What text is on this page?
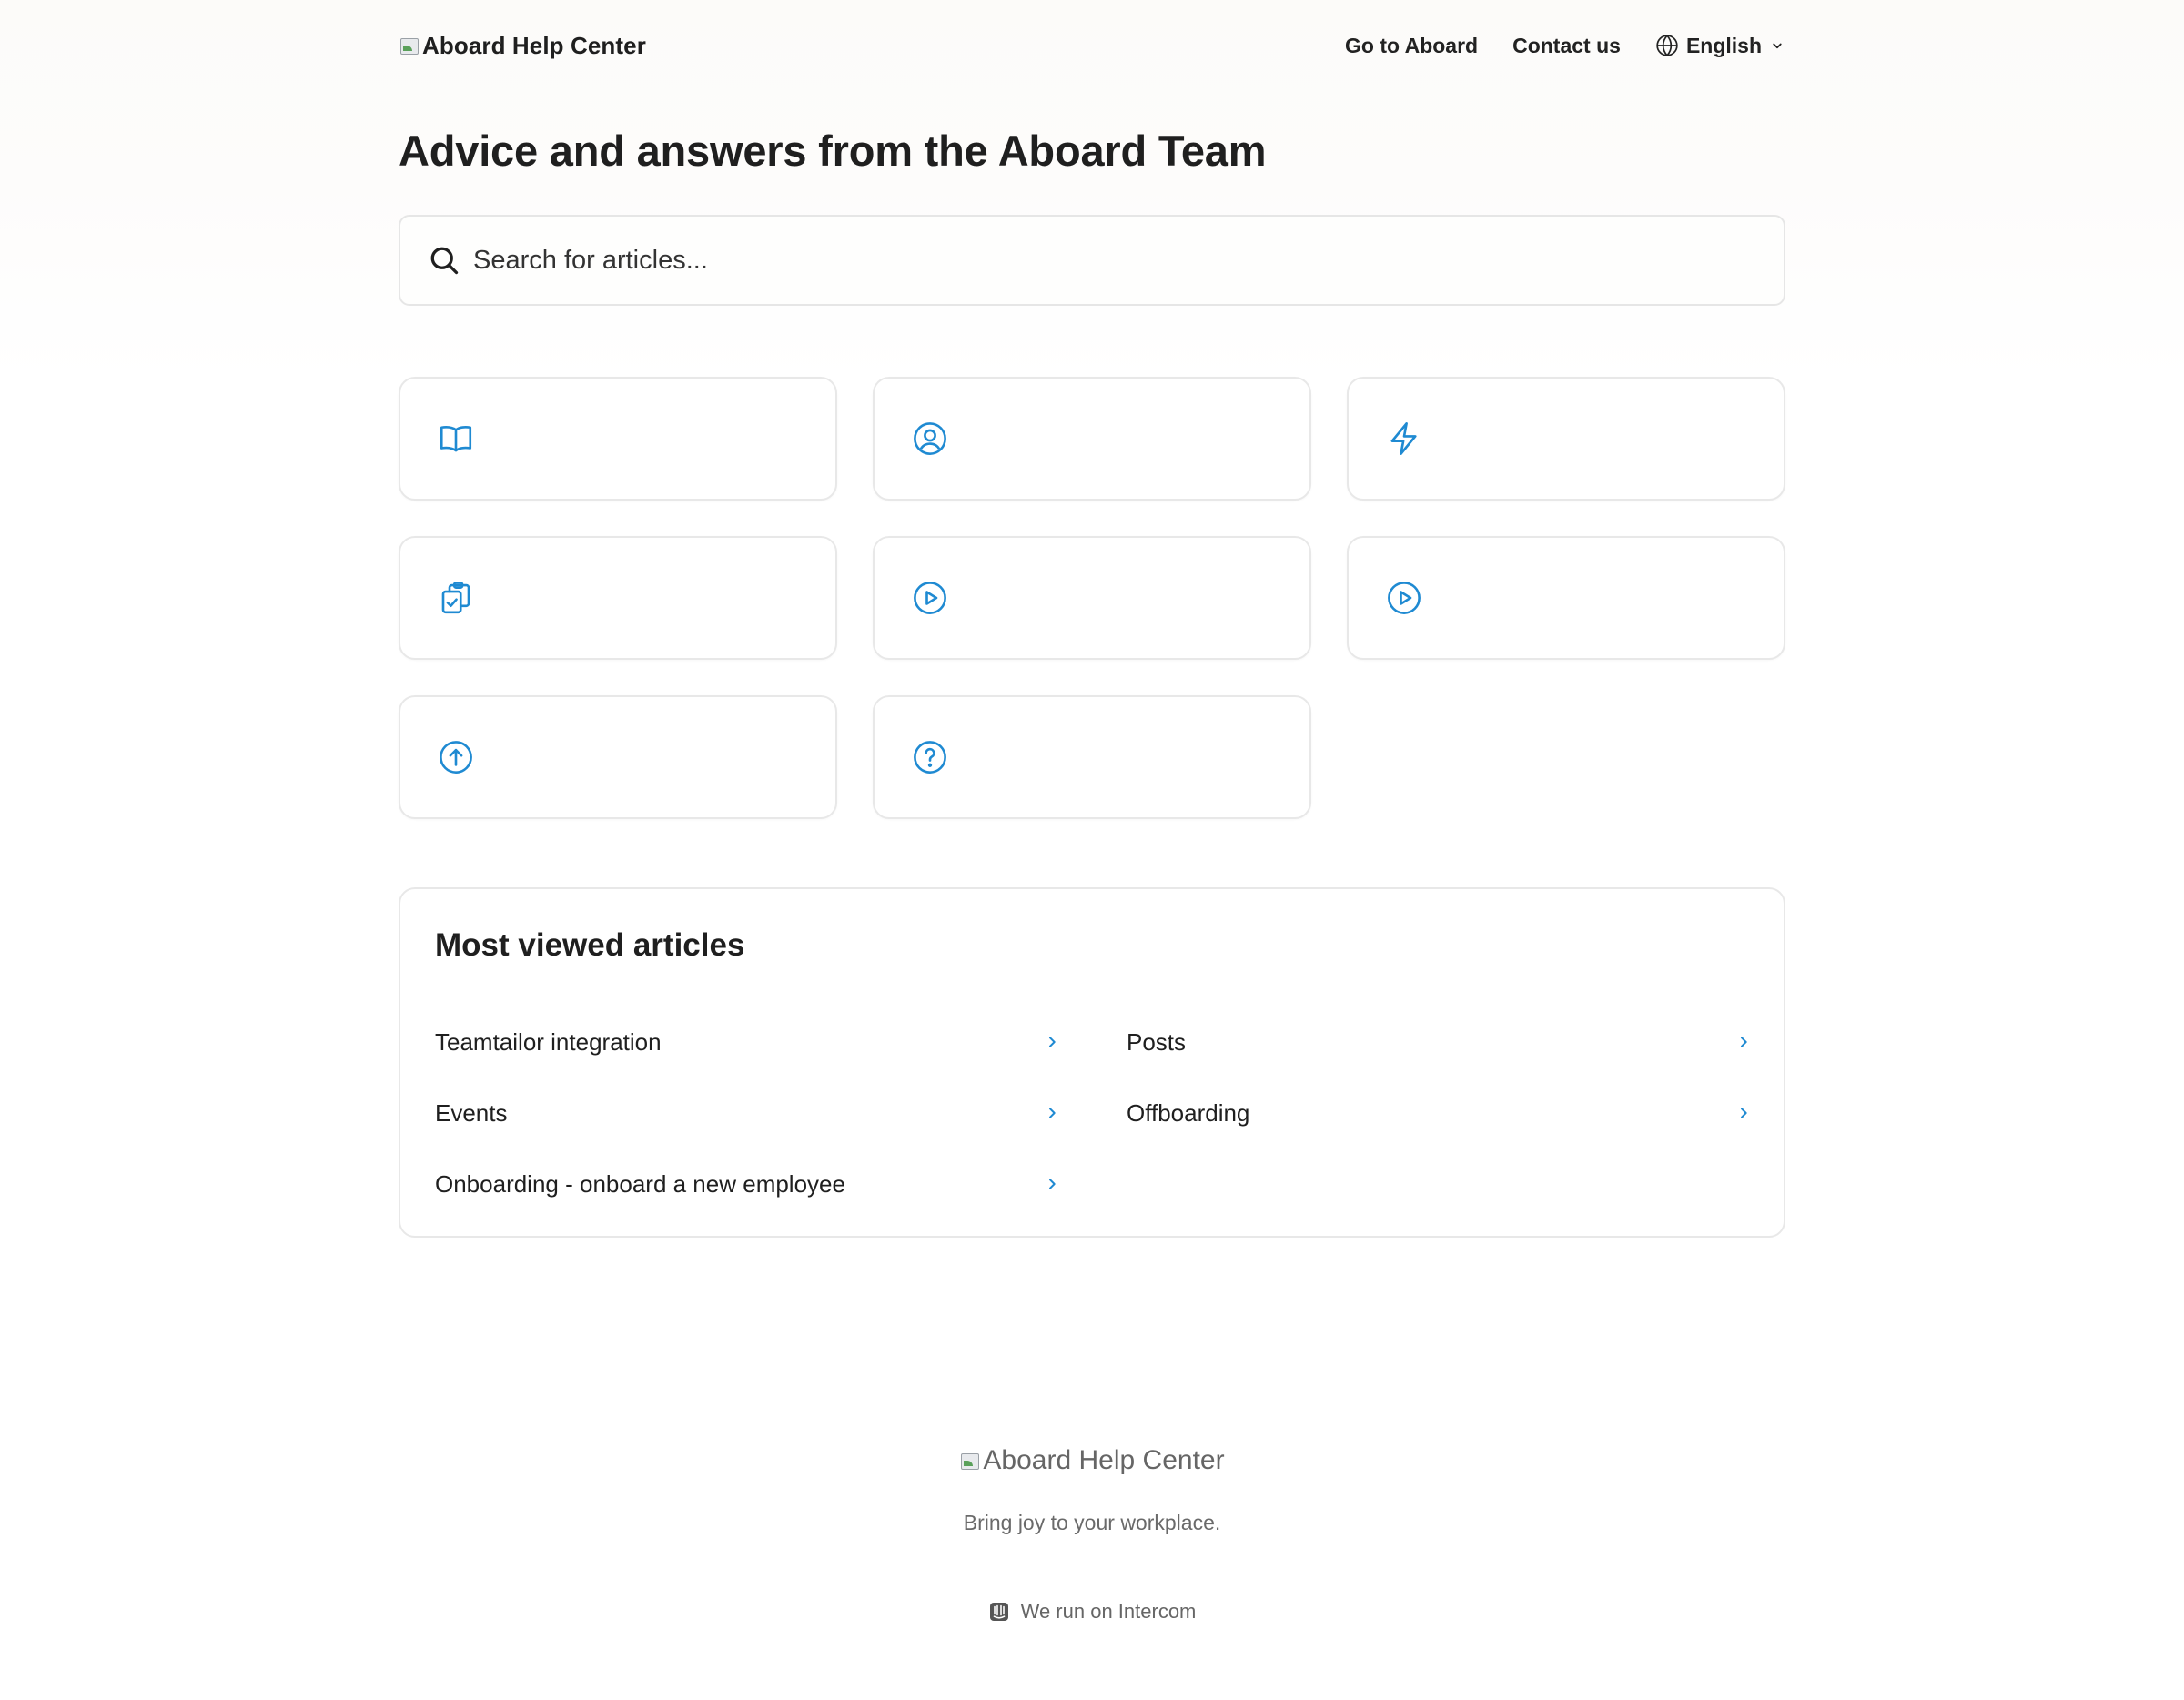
Aboard Help Center	Go to Aboard Contact us	English
Advice and answers from the Aboard Team
Search for articles...
Most viewed articles
Teamtailor integration	Posts
Events	Offboarding
Onboarding - onboard a new employee
Aboard Help Center
Bring joy to your workplace.
We run on Intercom
